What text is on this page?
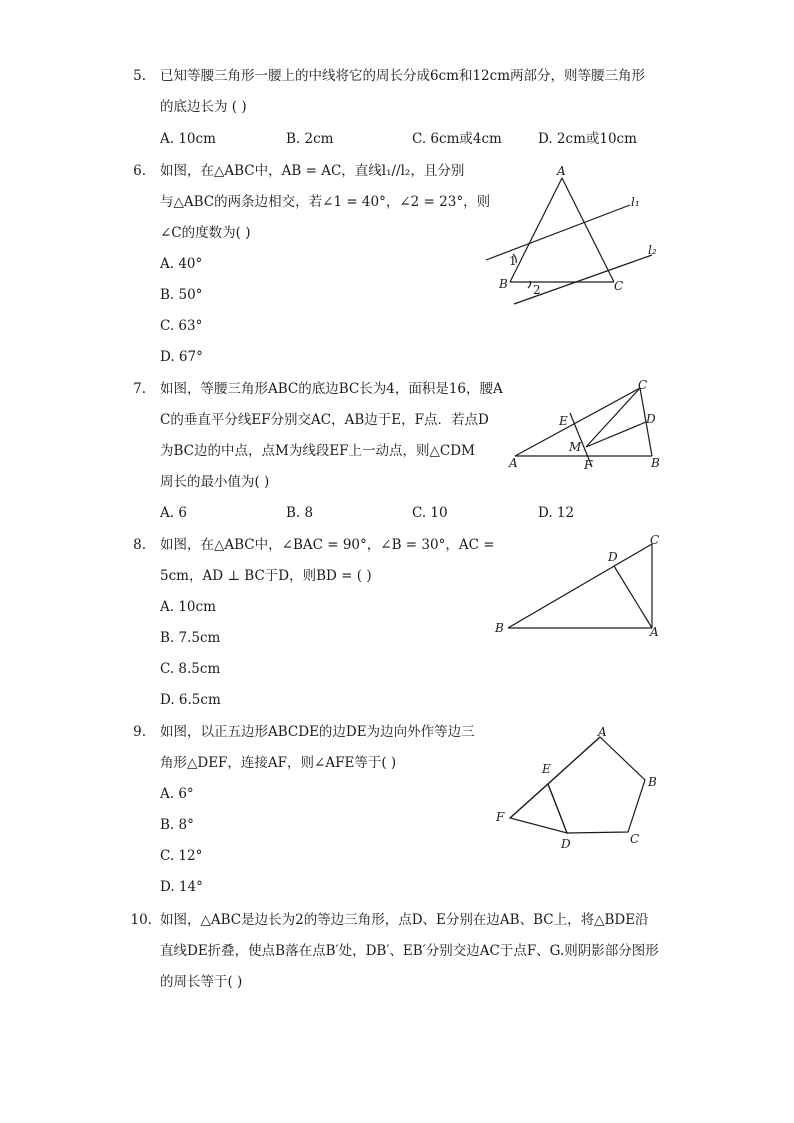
5. 已知等腰三角形一腰上的中线将它的周长分成6cm和12cm两部分，则等腰三角形
的底边长为 ( )
A. 10cm	B. 2cm	C. 6cm或4cm	D. 2cm或10cm
6. 如图，在△ABC中，AB = AC，直线l₁//l₂，且分别
与△ABC的两条边相交，若∠1 = 40°，∠2 = 23°，则
∠C的度数为( )
A. 40°
B. 50°
C. 63°
D. 67°
A
B	C
l₁
l₂
1
2
7. 如图，等腰三角形ABC的底边BC长为4，面积是16，腰A
C的垂直平分线EF分别交AC，AB边于E，F点．若点D
为BC边的中点，点M为线段EF上一动点，则△CDM
周长的最小值为( )
A. 6	B. 8	C. 10	D. 12
A	B
C
D
E
F
M
8. 如图，在△ABC中，∠BAC = 90°，∠B = 30°，AC =
5cm，AD ⊥ BC于D，则BD = ( )
A. 10cm
B. 7.5cm
C. 8.5cm
D. 6.5cm
B	A
C
D
9. 如图，以正五边形ABCDE的边DE为边向外作等边三
角形△DEF，连接AF，则∠AFE等于( )
A. 6°
B. 8°
C. 12°
D. 14°
A
B
C
D
E
F
10. 如图，△ABC是边长为2的等边三角形，点D、E分别在边AB、BC上，将△BDE沿
直线DE折叠，使点B落在点B′处，DB′、EB′分别交边AC于点F、G.则阴影部分图形
的周长等于( )
